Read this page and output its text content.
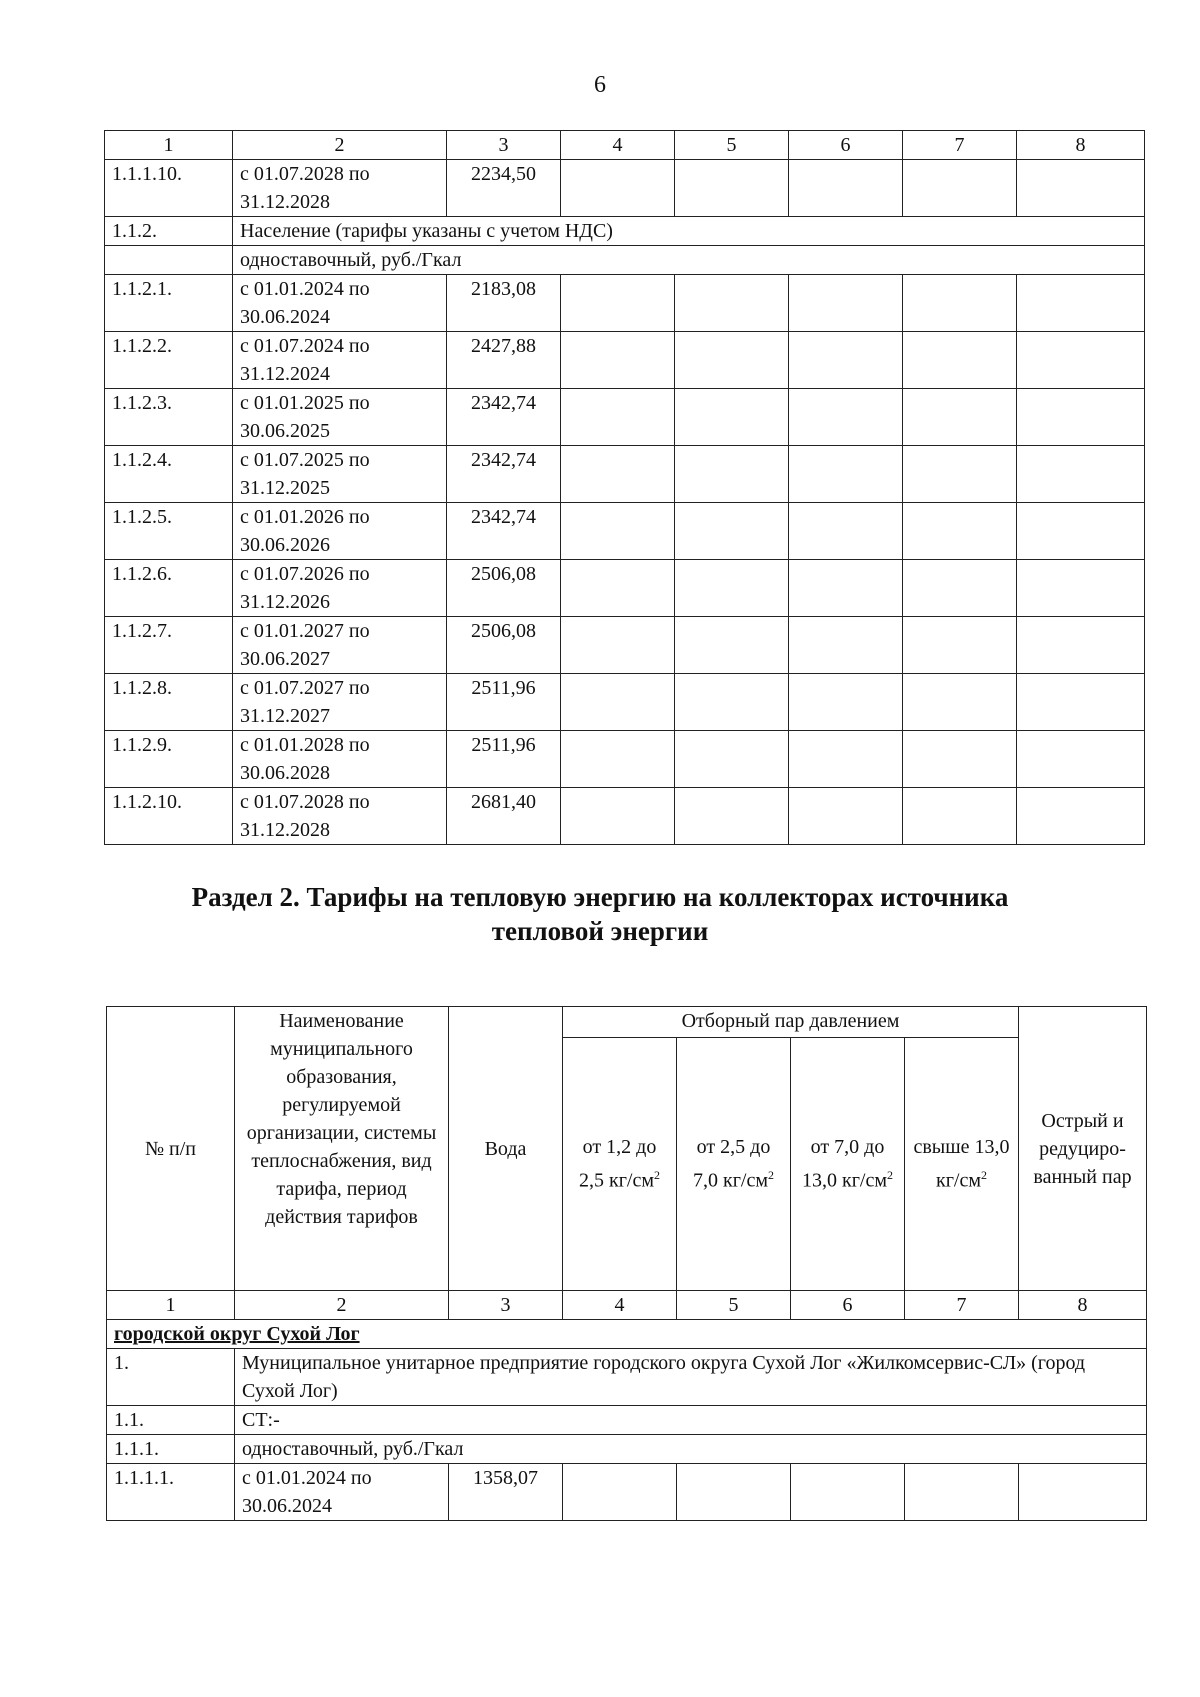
6
1	2	3	4	5	6	7	8
1.1.1.10.	с 01.07.2028 по 31.12.2028	2234,50					
1.1.2.	Население (тарифы указаны с учетом НДС)						
	одноставочный, руб./Гкал						
1.1.2.1.	с 01.01.2024 по 30.06.2024	2183,08					
1.1.2.2.	с 01.07.2024 по 31.12.2024	2427,88					
1.1.2.3.	с 01.01.2025 по 30.06.2025	2342,74					
1.1.2.4.	с 01.07.2025 по 31.12.2025	2342,74					
1.1.2.5.	с 01.01.2026 по 30.06.2026	2342,74					
1.1.2.6.	с 01.07.2026 по 31.12.2026	2506,08					
1.1.2.7.	с 01.01.2027 по 30.06.2027	2506,08					
1.1.2.8.	с 01.07.2027 по 31.12.2027	2511,96					
1.1.2.9.	с 01.01.2028 по 30.06.2028	2511,96					
1.1.2.10.	с 01.07.2028 по 31.12.2028	2681,40					
Раздел 2. Тарифы на тепловую энергию на коллекторах источника
тепловой энергии
№ п/п	Наименование муниципального образования, регулируемой организации, системы теплоснабжения, вид тарифа, период действия тарифов	Вода	Отборный пар давлением				Острый и редуциро-ванный пар
			от 1,2 до 2,5 $кг/см^2$	от 2,5 до 7,0 $кг/см^2$	от 7,0 до 13,0 $кг/см^2$	свыше 13,0 $кг/см^2$
1	2	3	4	5	6	7	8
городской округ Сухой Лог							
1.	Муниципальное унитарное предприятие городского округа Сухой Лог «Жилкомсервис-СЛ» (город Сухой Лог)						
1.1.	СТ:-						
1.1.1.	одноставочный, руб./Гкал						
1.1.1.1.	с 01.01.2024 по 30.06.2024	1358,07					
